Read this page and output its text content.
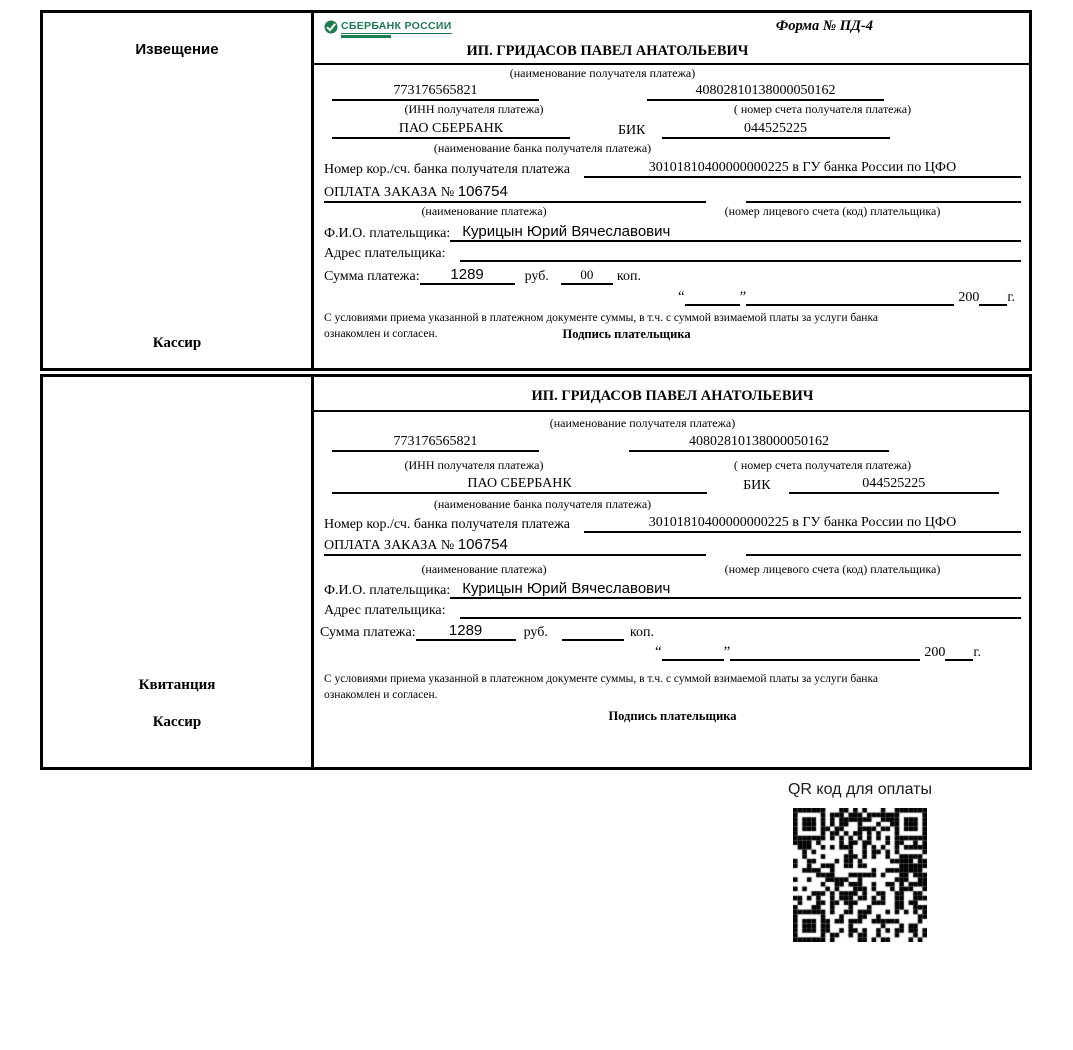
Извещение
Кассир
СБЕРБАНК РОССИИ	Форма № ПД-4
ИП. ГРИДАСОВ ПАВЕЛ АНАТОЛЬЕВИЧ
(наименование получателя платежа)
773176565821	40802810138000050162
(ИНН получателя платежа)	( номер счета получателя платежа)
ПАО СБЕРБАНК	БИК	044525225
(наименование банка получателя платежа)
Номер кор./сч. банка получателя платежа	30101810400000000225 в ГУ банка России по ЦФО
ОПЛАТА ЗАКАЗА № 106754
(наименование платежа)	(номер лицевого счета (код) плательщика)
Ф.И.О. плательщика: Курицын Юрий Вячеславович
Адрес плательщика:
Сумма платежа:	1289	руб.	00	коп.
“	”	200 г.
С условиями приема указанной в платежном документе суммы, в т.ч. с суммой взимаемой платы за услуги банка
ознакомлен и согласен.	Подпись плательщика
Квитанция
Кассир
ИП. ГРИДАСОВ ПАВЕЛ АНАТОЛЬЕВИЧ
(наименование получателя платежа)
773176565821	40802810138000050162
(ИНН получателя платежа)	( номер счета получателя платежа)
ПАО СБЕРБАНК	БИК	044525225
(наименование банка получателя платежа)
Номер кор./сч. банка получателя платежа	30101810400000000225 в ГУ банка России по ЦФО
ОПЛАТА ЗАКАЗА № 106754
(наименование платежа)	(номер лицевого счета (код) плательщика)
Ф.И.О. плательщика: Курицын Юрий Вячеславович
Адрес плательщика:
Сумма платежа:	1289	руб.	коп.
“	”	200 г.
С условиями приема указанной в платежном документе суммы, в т.ч. с суммой взимаемой платы за услуги банка
ознакомлен и согласен.
Подпись плательщика
QR код для оплаты
